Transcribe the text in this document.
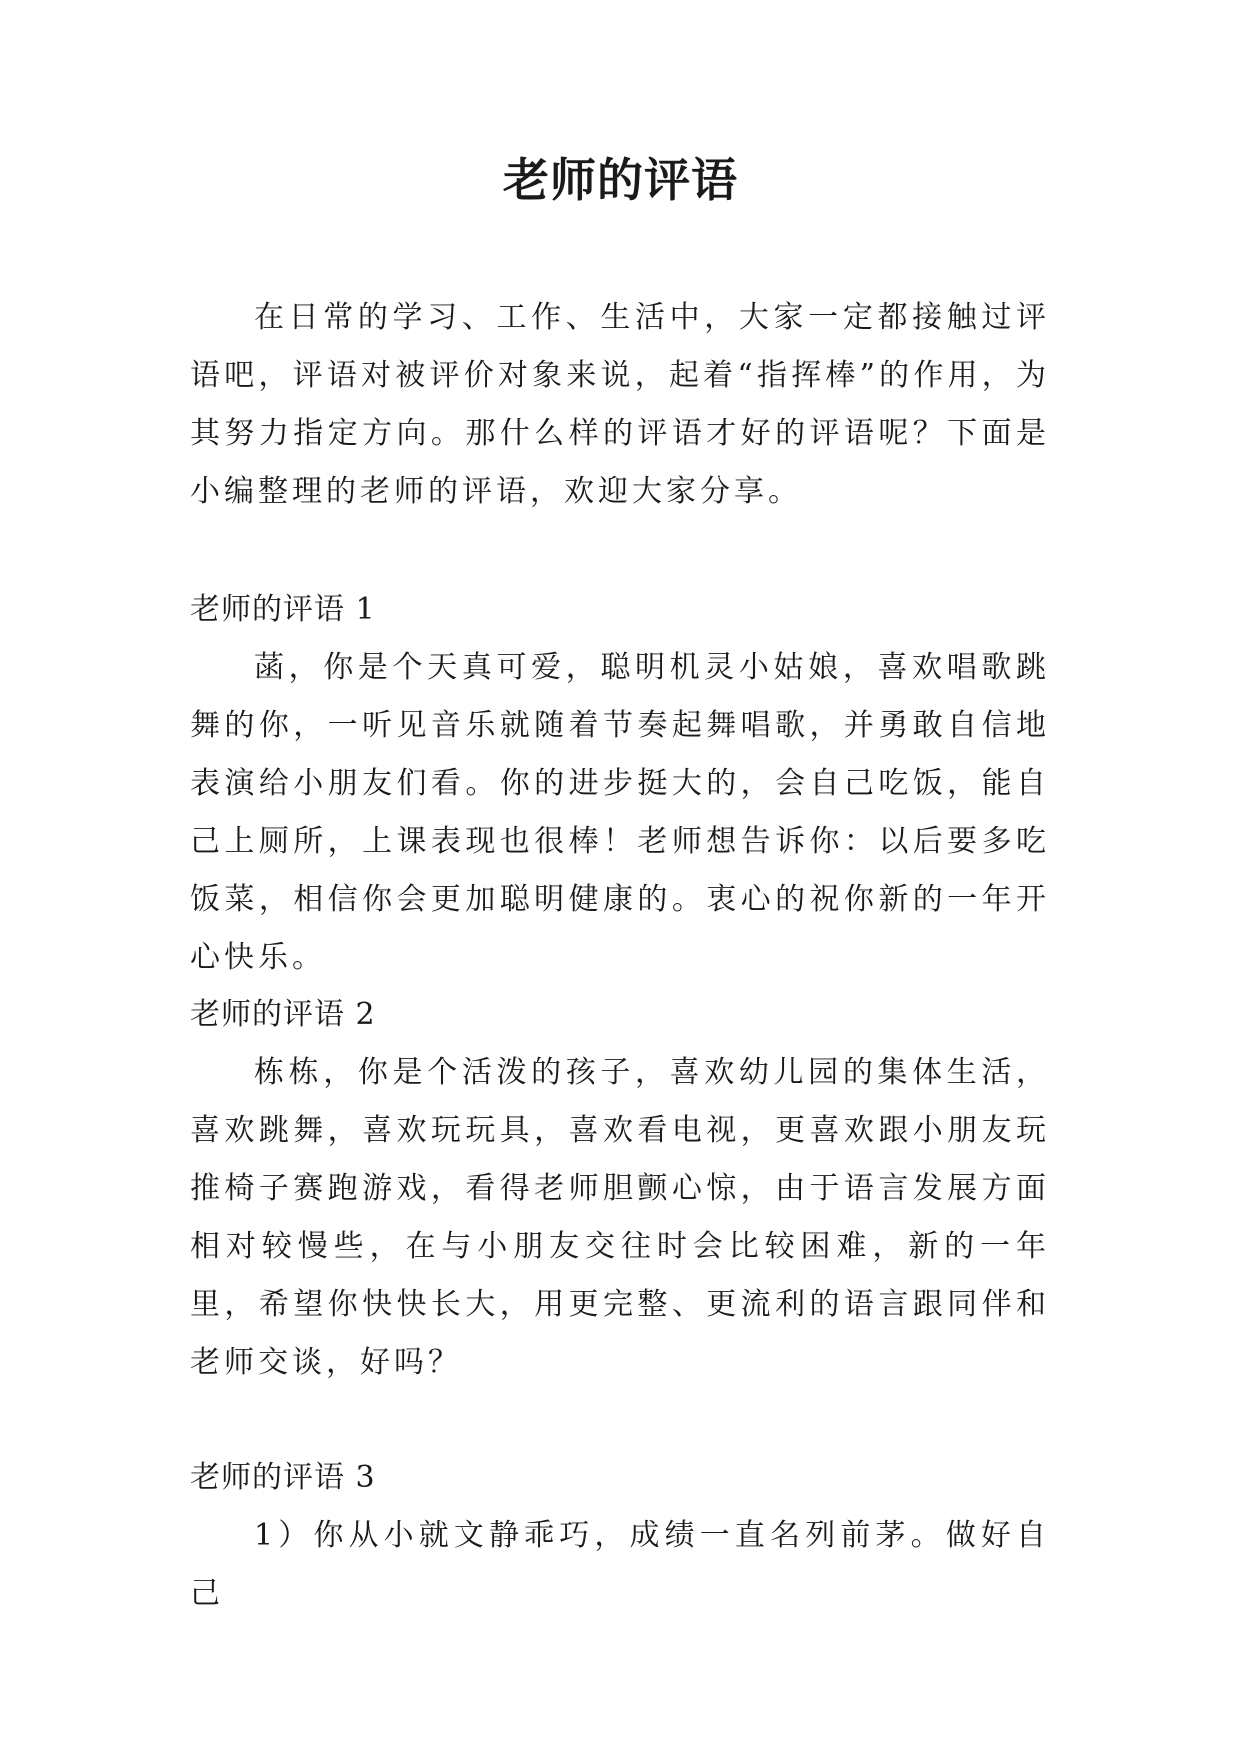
老师的评语

在日常的学习、工作、生活中，大家一定都接触过评语吧，评语对被评价对象来说，起着“指挥棒”的作用，为其努力指定方向。那什么样的评语才好的评语呢？下面是小编整理的老师的评语，欢迎大家分享。

老师的评语 1

菡，你是个天真可爱，聪明机灵小姑娘，喜欢唱歌跳舞的你，一听见音乐就随着节奏起舞唱歌，并勇敢自信地表演给小朋友们看。你的进步挺大的，会自己吃饭，能自己上厕所，上课表现也很棒！老师想告诉你：以后要多吃饭菜，相信你会更加聪明健康的。衷心的祝你新的一年开心快乐。

老师的评语 2

栋栋，你是个活泼的孩子，喜欢幼儿园的集体生活，喜欢跳舞，喜欢玩玩具，喜欢看电视，更喜欢跟小朋友玩推椅子赛跑游戏，看得老师胆颤心惊，由于语言发展方面相对较慢些，在与小朋友交往时会比较困难，新的一年里，希望你快快长大，用更完整、更流利的语言跟同伴和老师交谈，好吗？

老师的评语 3

1）你从小就文静乖巧，成绩一直名列前茅。做好自己
